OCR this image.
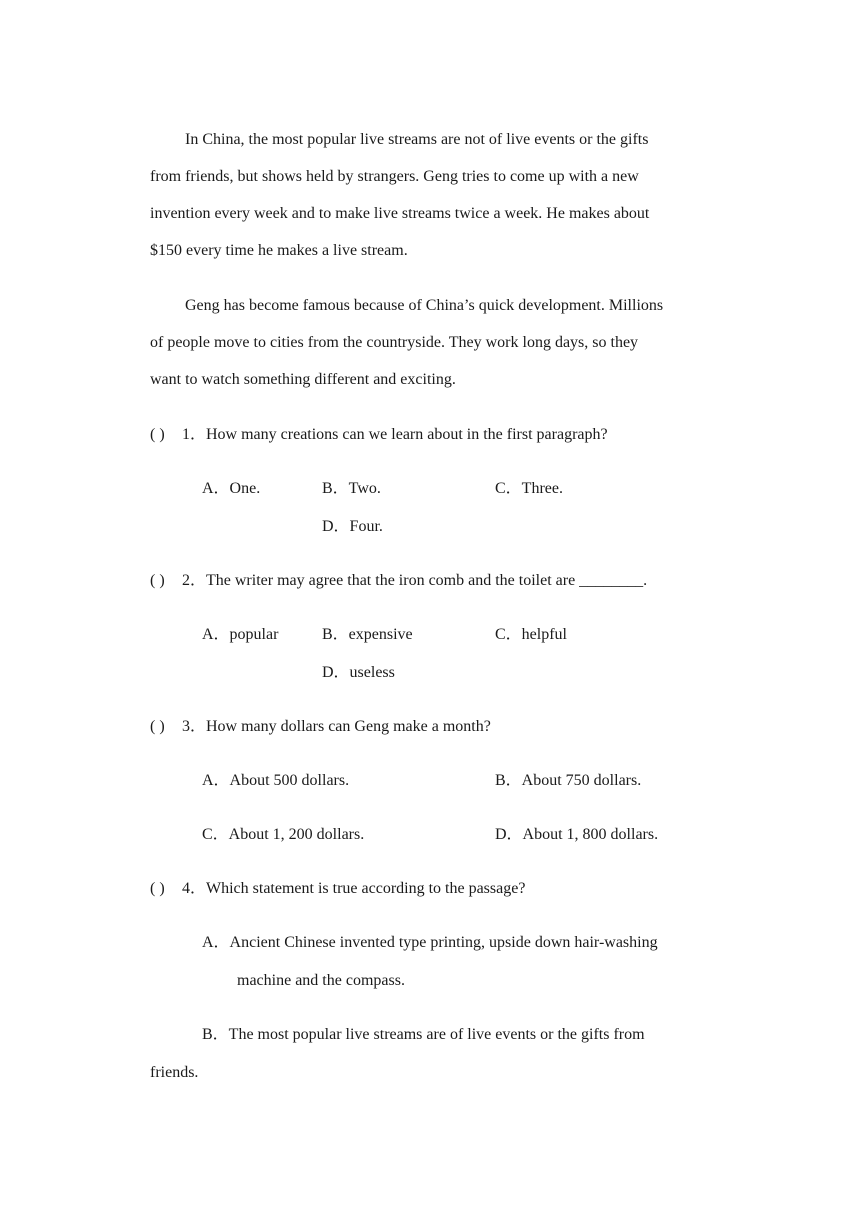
In China, the most popular live streams are not of live events or the gifts
from friends, but shows held by strangers. Geng tries to come up with a new
invention every week and to make live streams twice a week. He makes about
$150 every time he makes a live stream.
Geng has become famous because of China’s quick development. Millions
of people move to cities from the countryside. They work long days, so they
want to watch something different and exciting.
( ) 1．How many creations can we learn about in the first paragraph?
A．One.	B．Two.	C．Three.
D．Four.
( ) 2．The writer may agree that the iron comb and the toilet are ________.
A．popular	B．expensive	C．helpful
D．useless
( ) 3．How many dollars can Geng make a month?
A．About 500 dollars.	B．About 750 dollars.
C．About 1, 200 dollars.	D．About 1, 800 dollars.
( ) 4．Which statement is true according to the passage?
A．Ancient Chinese invented type printing, upside down hair-washing
machine and the compass.
B．The most popular live streams are of live events or the gifts from
friends.
